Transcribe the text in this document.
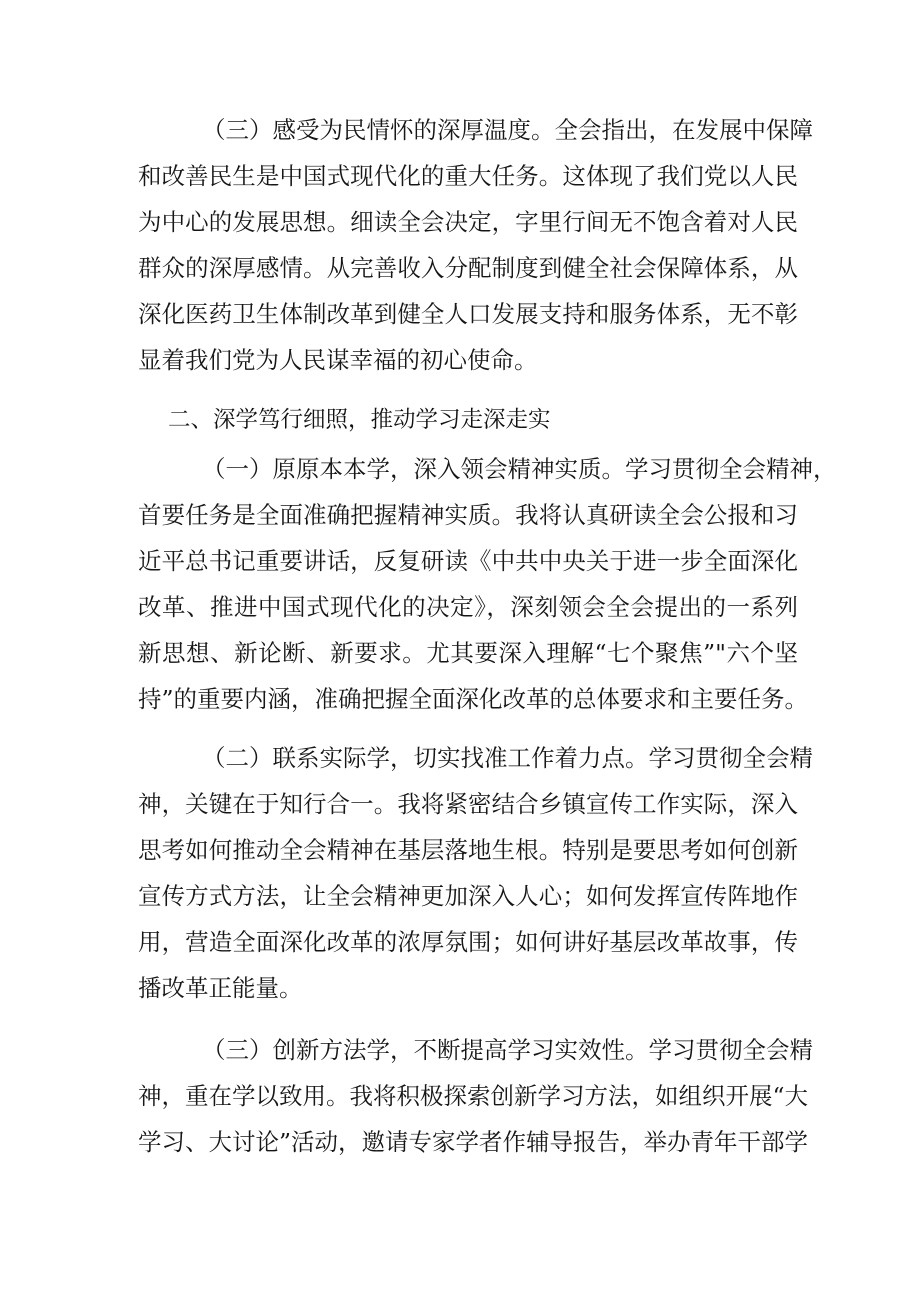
（三）感受为民情怀的深厚温度。全会指出，在发展中保障
和改善民生是中国式现代化的重大任务。这体现了我们党以人民
为中心的发展思想。细读全会决定，字里行间无不饱含着对人民
群众的深厚感情。从完善收入分配制度到健全社会保障体系，从
深化医药卫生体制改革到健全人口发展支持和服务体系，无不彰
显着我们党为人民谋幸福的初心使命。
二、深学笃行细照，推动学习走深走实
（一）原原本本学，深入领会精神实质。学习贯彻全会精神，
首要任务是全面准确把握精神实质。我将认真研读全会公报和习
近平总书记重要讲话，反复研读《中共中央关于进一步全面深化
改革、推进中国式现代化的决定》，深刻领会全会提出的一系列
新思想、新论断、新要求。尤其要深入理解“七个聚焦”"六个坚
持”的重要内涵，准确把握全面深化改革的总体要求和主要任务。
（二）联系实际学，切实找准工作着力点。学习贯彻全会精
神，关键在于知行合一。我将紧密结合乡镇宣传工作实际，深入
思考如何推动全会精神在基层落地生根。特别是要思考如何创新
宣传方式方法，让全会精神更加深入人心；如何发挥宣传阵地作
用，营造全面深化改革的浓厚氛围；如何讲好基层改革故事，传
播改革正能量。
（三）创新方法学，不断提高学习实效性。学习贯彻全会精
神，重在学以致用。我将积极探索创新学习方法，如组织开展“大
学习、大讨论”活动，邀请专家学者作辅导报告，举办青年干部学
